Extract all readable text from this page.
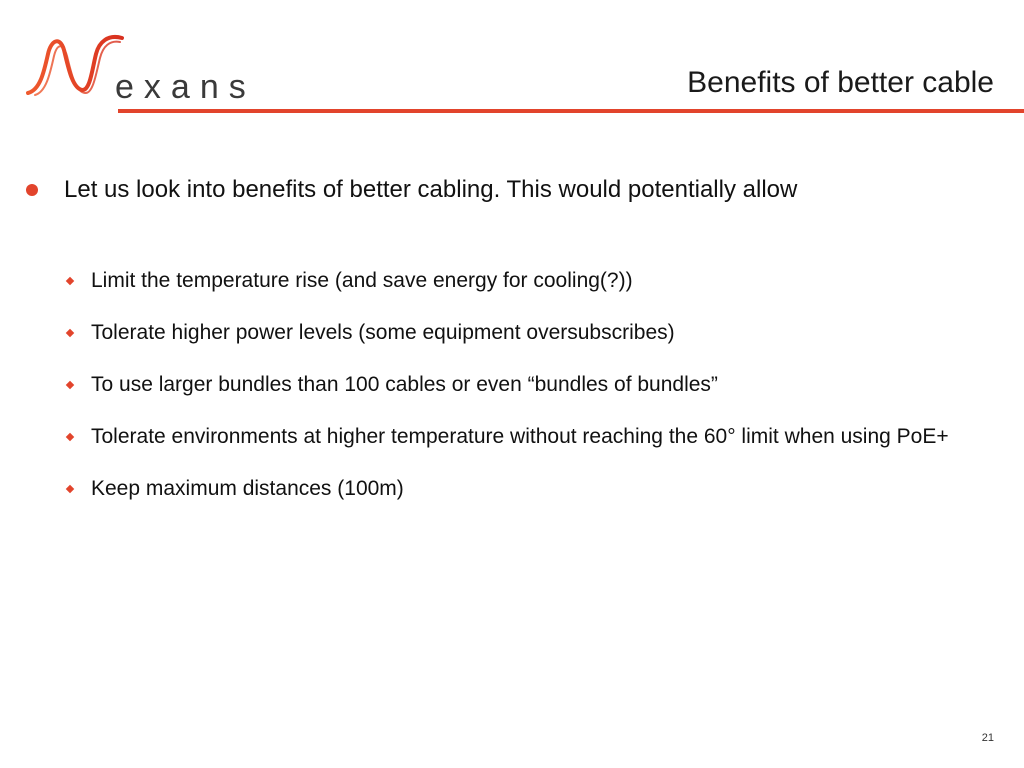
exans	Benefits of better cable
Let us look into benefits of better cabling. This would potentially allow
Limit the temperature rise (and save energy for cooling(?))
Tolerate higher power levels (some equipment oversubscribes)
To use larger bundles than 100 cables or even “bundles of bundles”
Tolerate environments at higher temperature without reaching the 60° limit when using PoE+
Keep maximum distances (100m)
21
